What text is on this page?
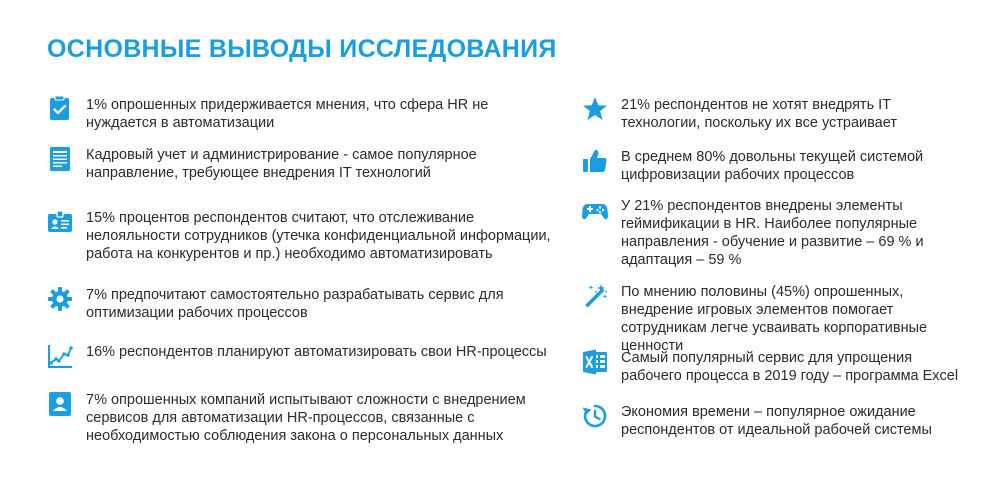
ОСНОВНЫЕ ВЫВОДЫ ИССЛЕДОВАНИЯ
1% опрошенных придерживается мнения, что сфера HR не нуждается в автоматизации
Кадровый учет и администрирование - самое популярное направление, требующее внедрения IT технологий
15% процентов респондентов считают, что отслеживание нелояльности сотрудников (утечка конфиденциальной информации, работа на конкурентов и пр.) необходимо автоматизировать
7% предпочитают самостоятельно разрабатывать сервис для оптимизации рабочих процессов
16% респондентов планируют автоматизировать свои HR-процессы
7% опрошенных компаний испытывают сложности с внедрением сервисов для автоматизации HR-процессов, связанные с необходимостью соблюдения закона о персональных данных
21% респондентов не хотят внедрять IT технологии, поскольку их все устраивает
В среднем 80% довольны текущей системой цифровизации рабочих процессов
У 21% респондентов внедрены элементы геймификации в HR. Наиболее популярные направления - обучение и развитие – 69 % и адаптация – 59 %
По мнению половины (45%) опрошенных, внедрение игровых элементов помогает сотрудникам легче усваивать корпоративные ценности
Самый популярный сервис для упрощения рабочего процесса в 2019 году – программа Excel
Экономия времени – популярное ожидание респондентов от идеальной рабочей системы
